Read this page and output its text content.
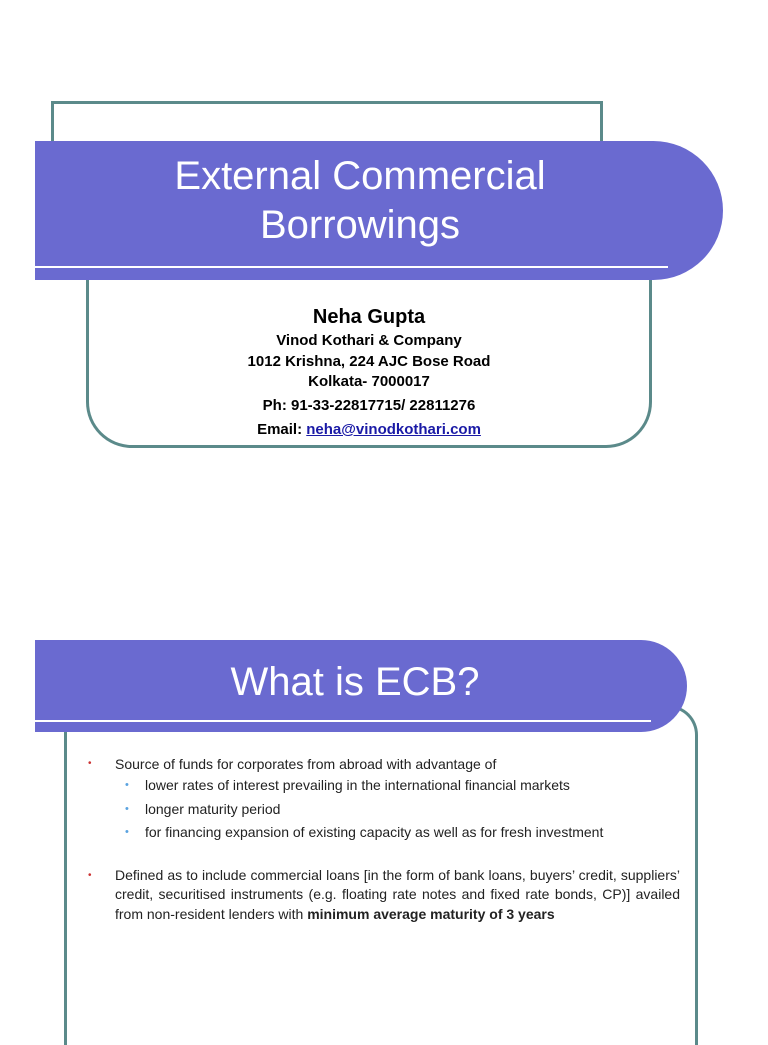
External Commercial
Borrowings
Neha Gupta
Vinod Kothari & Company
1012 Krishna, 224 AJC Bose Road
Kolkata- 7000017
Ph: 91-33-22817715/ 22811276
Email: neha@vinodkothari.com
What is ECB?
• Source of funds for corporates from abroad with advantage of
• lower rates of interest prevailing in the international financial markets
• longer maturity period
• for financing expansion of existing capacity as well as for fresh investment
• Defined as to include commercial loans [in the form of bank loans, buyers’ credit, suppliers’ credit, securitised instruments (e.g. floating rate notes and fixed rate bonds, CP)] availed from non-resident lenders with minimum average maturity of 3 years
